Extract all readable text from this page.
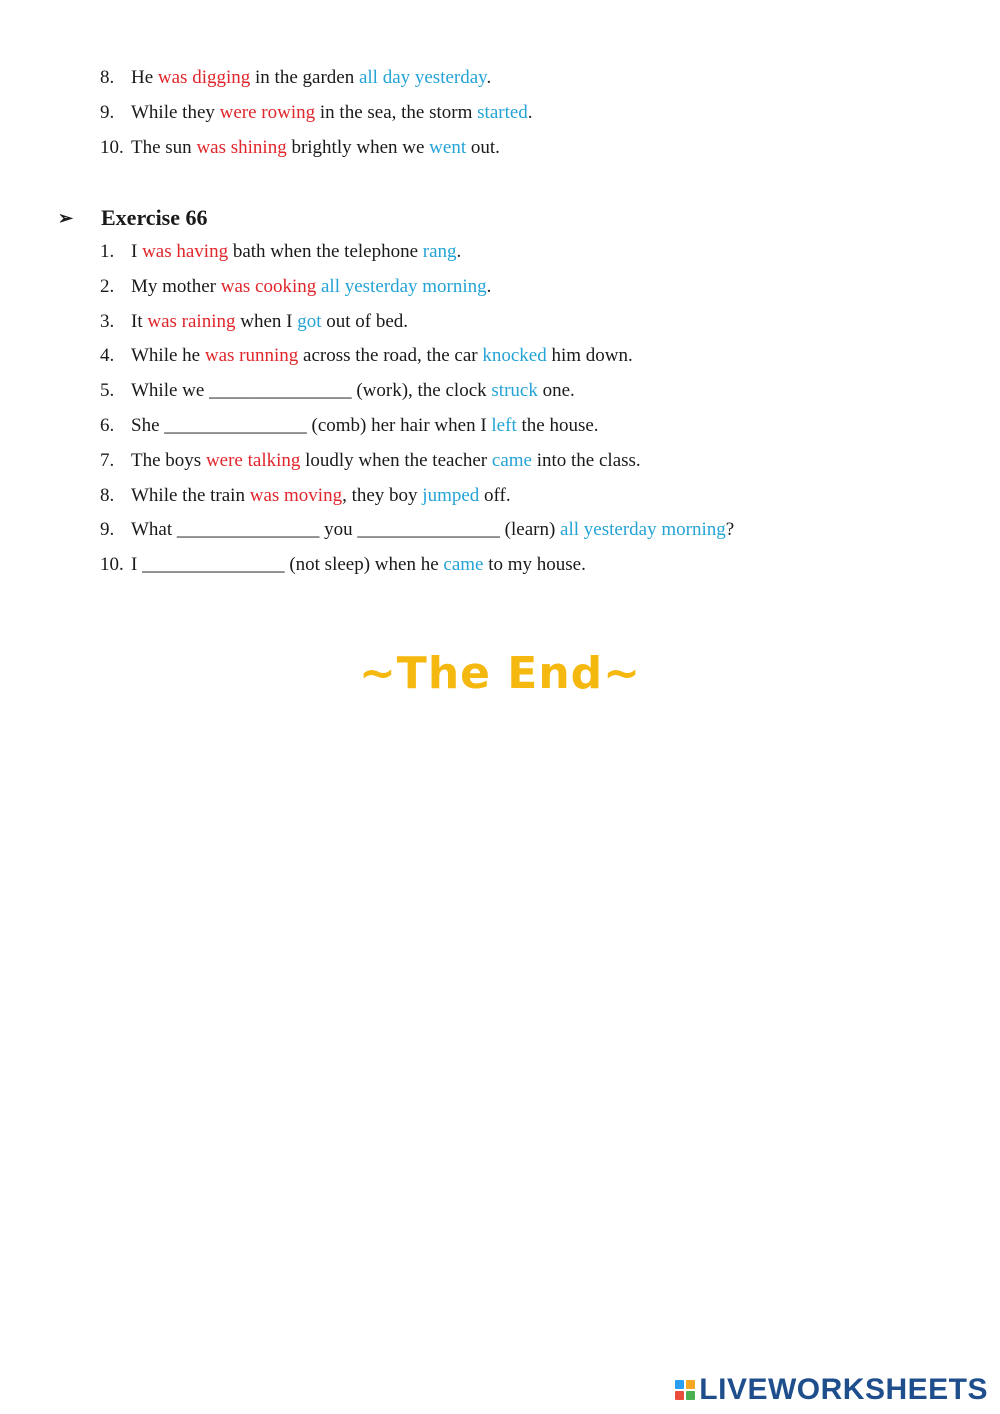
8. He was digging in the garden all day yesterday.
9. While they were rowing in the sea, the storm started.
10. The sun was shining brightly when we went out.
➢ Exercise 66
1. I was having bath when the telephone rang.
2. My mother was cooking all yesterday morning.
3. It was raining when I got out of bed.
4. While he was running across the road, the car knocked him down.
5. While we _______________ (work), the clock struck one.
6. She _______________ (comb) her hair when I left the house.
7. The boys were talking loudly when the teacher came into the class.
8. While the train was moving, they boy jumped off.
9. What _______________ you _______________ (learn) all yesterday morning?
10. I _______________ (not sleep) when he came to my house.
~The End~
LIVEWORKSHEETS
